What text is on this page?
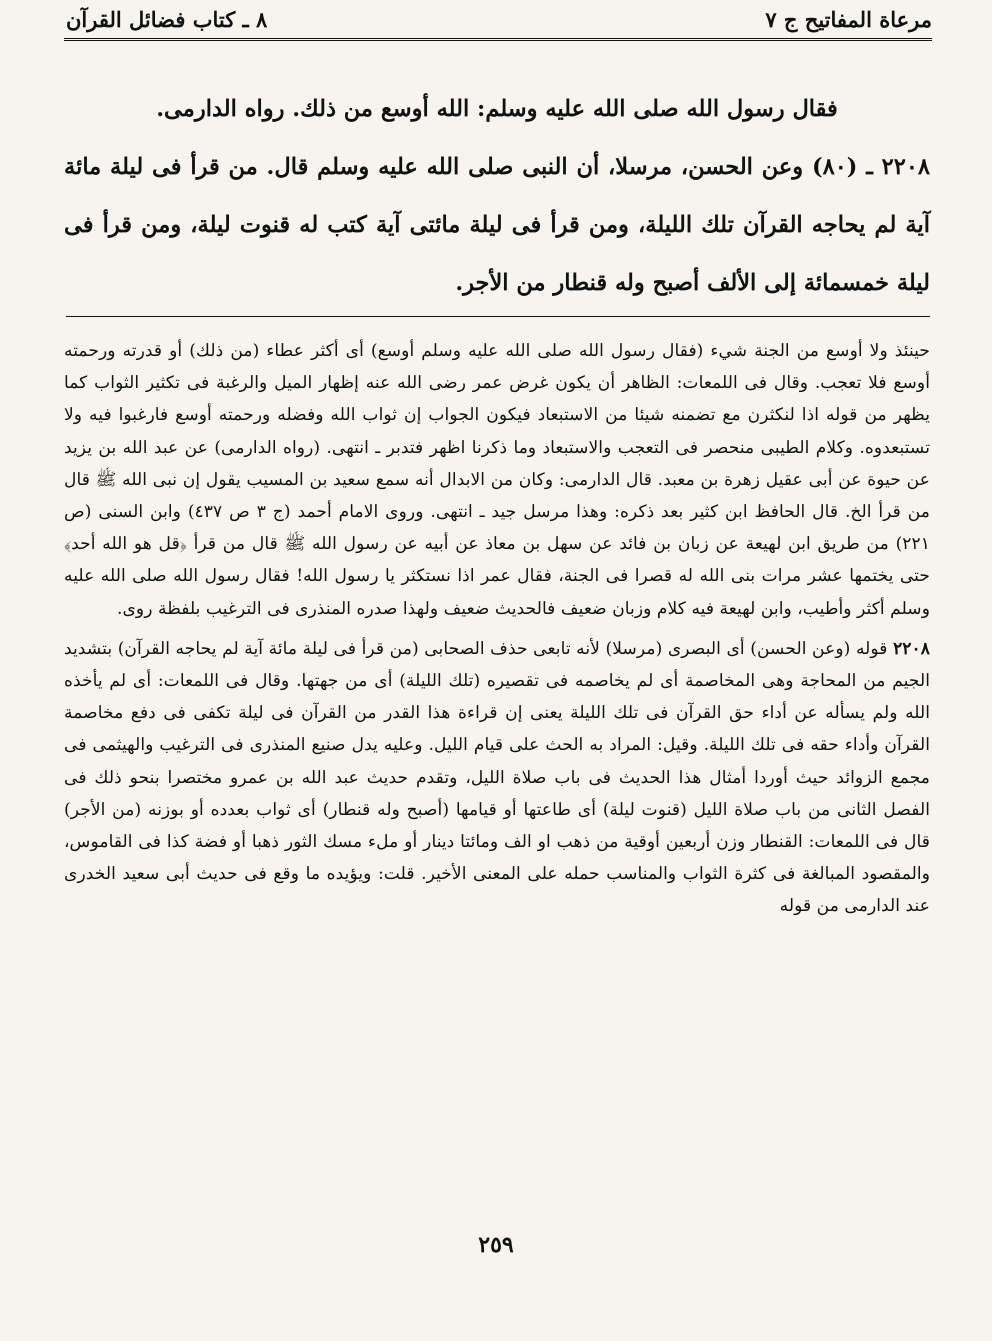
مرعاة المفاتيح ج ٧
٨ ـ كتاب فضائل القرآن

فقال رسول الله صلى الله عليه وسلم: الله أوسع من ذلك. رواه الدارمى.

٢٢٠٨ ـ (٨٠) وعن الحسن، مرسلا، أن النبى صلى الله عليه وسلم قال. من قرأ فى ليلة مائة آية لم يحاجه القرآن تلك الليلة، ومن قرأ فى ليلة مائتى آية كتب له قنوت ليلة، ومن قرأ فى ليلة خمسمائة إلى الألف أصبح وله قنطار من الأجر.

حينئذ ولا أوسع من الجنة شيء (فقال رسول الله صلى الله عليه وسلم أوسع) أى أكثر عطاء (من ذلك) أو قدرته ورحمته أوسع فلا تعجب. وقال فى اللمعات: الظاهر أن يكون غرض عمر رضى الله عنه إظهار الميل والرغبة فى تكثير الثواب كما يظهر من قوله اذا لنكثرن مع تضمنه شيئا من الاستبعاد فيكون الجواب إن ثواب الله وفضله ورحمته أوسع فارغبوا فيه ولا تستبعدوه. وكلام الطيبى منحصر فى التعجب والاستبعاد وما ذكرنا اظهر فتدبر ـ انتهى. (رواه الدارمى) عن عبد الله بن يزيد عن حيوة عن أبى عقيل زهرة بن معبد. قال الدارمى: وكان من الابدال أنه سمع سعيد بن المسيب يقول إن نبى الله ﷺ قال من قرأ الخ. قال الحافظ ابن كثير بعد ذكره: وهذا مرسل جيد ـ انتهى. وروى الامام أحمد (ج ٣ ص ٤٣٧) وابن السنى (ص ٢٢١) من طريق ابن لهيعة عن زبان بن فائد عن سهل بن معاذ عن أبيه عن رسول الله ﷺ قال من قرأ ﴿قل هو الله أحد﴾ حتى يختمها عشر مرات بنى الله له قصرا فى الجنة، فقال عمر اذا نستكثر يا رسول الله! فقال رسول الله صلى الله عليه وسلم أكثر وأطيب، وابن لهيعة فيه كلام وزبان ضعيف فالحديث ضعيف ولهذا صدره المنذرى فى الترغيب بلفظة روى.

٢٢٠٨ قوله (وعن الحسن) أى البصرى (مرسلا) لأنه تابعى حذف الصحابى (من قرأ فى ليلة مائة آية لم يحاجه القرآن) بتشديد الجيم من المحاجة وهى المخاصمة أى لم يخاصمه فى تقصيره (تلك الليلة) أى من جهتها. وقال فى اللمعات: أى لم يأخذه الله ولم يسأله عن أداء حق القرآن فى تلك الليلة يعنى إن قراءة هذا القدر من القرآن فى ليلة تكفى فى دفع مخاصمة القرآن وأداء حقه فى تلك الليلة. وقيل: المراد به الحث على قيام الليل. وعليه يدل صنيع المنذرى فى الترغيب والهيثمى فى مجمع الزوائد حيث أوردا أمثال هذا الحديث فى باب صلاة الليل، وتقدم حديث عبد الله بن عمرو مختصرا بنحو ذلك فى الفصل الثانى من باب صلاة الليل (قنوت ليلة) أى طاعتها أو قيامها (أصبح وله قنطار) أى ثواب بعدده أو بوزنه (من الأجر) قال فى اللمعات: القنطار وزن أربعين أوقية من ذهب او الف ومائتا دينار أو ملء مسك الثور ذهبا أو فضة كذا فى القاموس، والمقصود المبالغة فى كثرة الثواب والمناسب حمله على المعنى الأخير. قلت: ويؤيده ما وقع فى حديث أبى سعيد الخدرى عند الدارمى من قوله

٢٥٩
